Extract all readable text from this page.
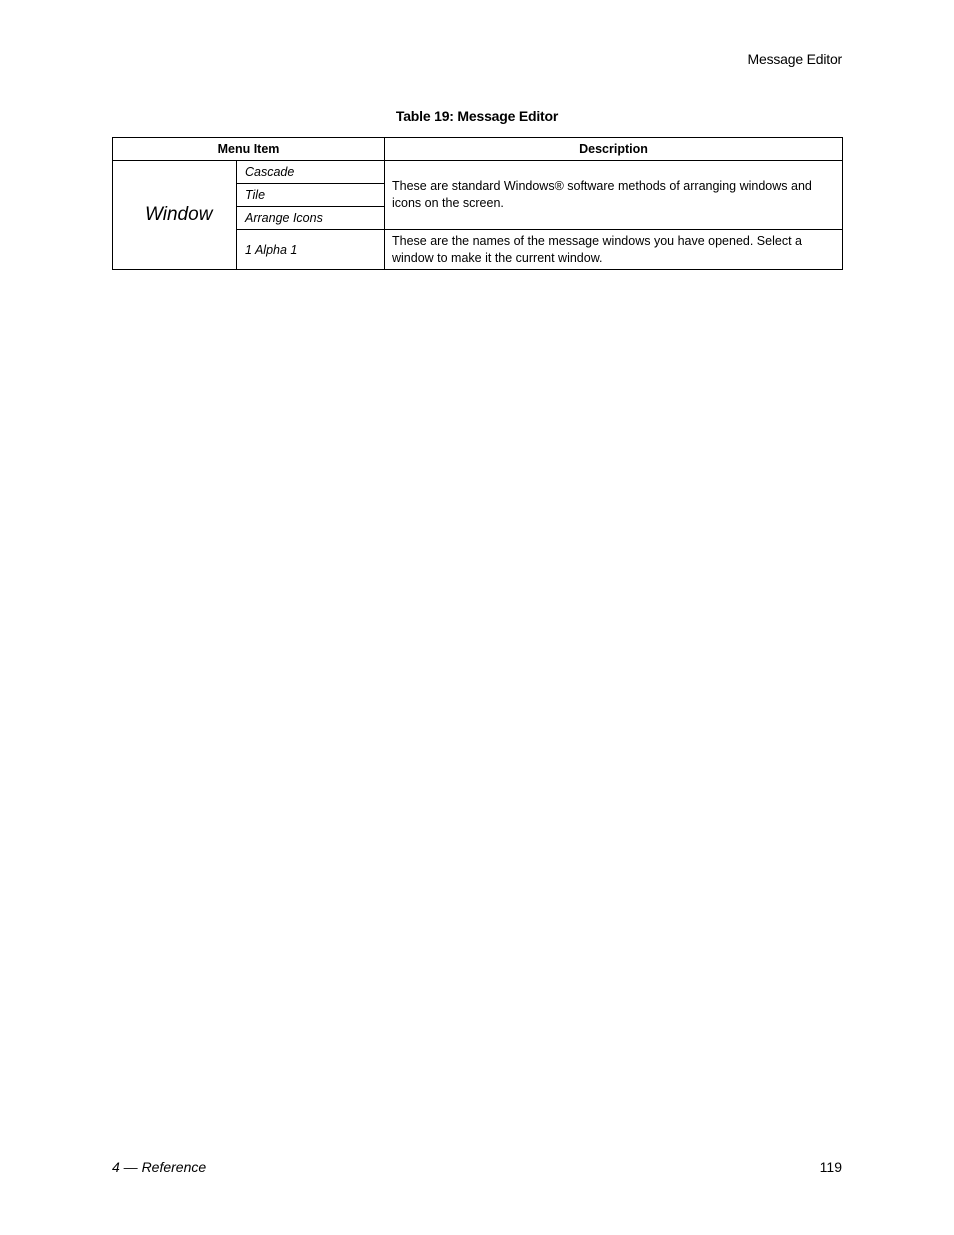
Message Editor
Table 19: Message Editor
Menu Item		Description
Window	Cascade	These are standard Windows® software methods of arranging windows and icons on the screen.
	Tile	
	Arrange Icons	
	1 Alpha 1	These are the names of the message windows you have opened. Select a window to make it the current window.
4 — Reference	119
